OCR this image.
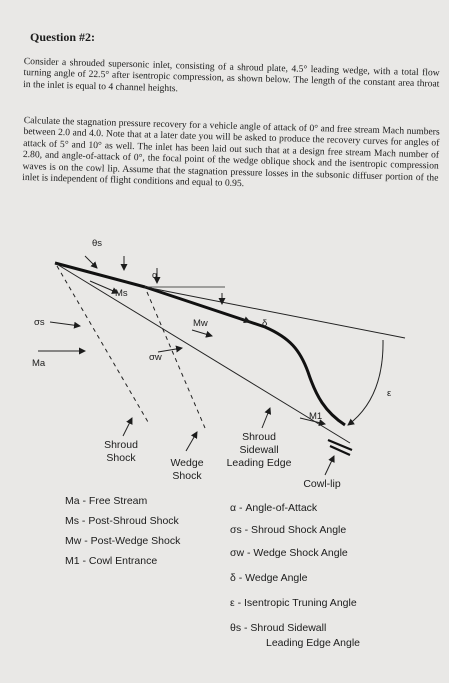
Question #2:
Consider a shrouded supersonic inlet, consisting of a shroud plate, 4.5° leading wedge, with a total flow turning angle of 22.5° after isentropic compression, as shown below. The length of the constant area throat in the inlet is equal to 4 channel heights.
Calculate the stagnation pressure recovery for a vehicle angle of attack of 0° and free stream Mach numbers between 2.0 and 4.0. Note that at a later date you will be asked to produce the recovery curves for angles of attack of 5° and 10° as well. The inlet has been laid out such that at a design free stream Mach number of 2.80, and angle-of-attack of 0°, the focal point of the wedge oblique shock and the isentropic compression waves is on the cowl lip. Assume that the stagnation pressure losses in the subsonic diffuser portion of the inlet is independent of flight conditions and equal to 0.95.
θs
α
Ms
Mw	δ
σs
Ma
σw
ε
M1
Shroud Shock	Wedge Shock
Shroud Sidewall Leading Edge
Cowl-lip
Ma - Free Stream
Ms - Post-Shroud Shock
Mw - Post-Wedge Shock
M1 - Cowl Entrance
α - Angle-of-Attack
σs - Shroud Shock Angle
σw - Wedge Shock Angle
δ - Wedge Angle
ε - Isentropic Truning Angle
θs - Shroud Sidewall
Leading Edge Angle
